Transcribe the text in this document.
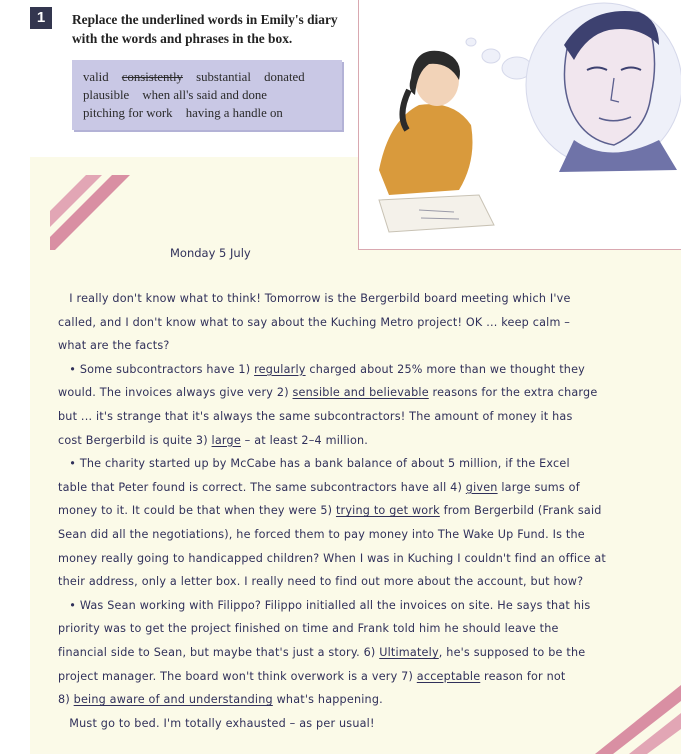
1	Replace the underlined words in Emily's diary
with the words and phrases in the box.
valid consistently substantial donated
plausible when all's said and done
pitching for work having a handle on
Monday 5 July
I really don't know what to think! Tomorrow is the Bergerbild board meeting which I've
called, and I don't know what to say about the Kuching Metro project! OK ... keep calm –
what are the facts?
• Some subcontractors have 1) regularly charged about 25% more than we thought they
would. The invoices always give very 2) sensible and believable reasons for the extra charge
but ... it's strange that it's always the same subcontractors! The amount of money it has
cost Bergerbild is quite 3) large – at least 2–4 million.
• The charity started up by McCabe has a bank balance of about 5 million, if the Excel
table that Peter found is correct. The same subcontractors have all 4) given large sums of
money to it. It could be that when they were 5) trying to get work from Bergerbild (Frank said
Sean did all the negotiations), he forced them to pay money into The Wake Up Fund. Is the
money really going to handicapped children? When I was in Kuching I couldn't find an office at
their address, only a letter box. I really need to find out more about the account, but how?
• Was Sean working with Filippo? Filippo initialled all the invoices on site. He says that his
priority was to get the project finished on time and Frank told him he should leave the
financial side to Sean, but maybe that's just a story. 6) Ultimately, he's supposed to be the
project manager. The board won't think overwork is a very 7) acceptable reason for not
8) being aware of and understanding what's happening.
Must go to bed. I'm totally exhausted – as per usual!
